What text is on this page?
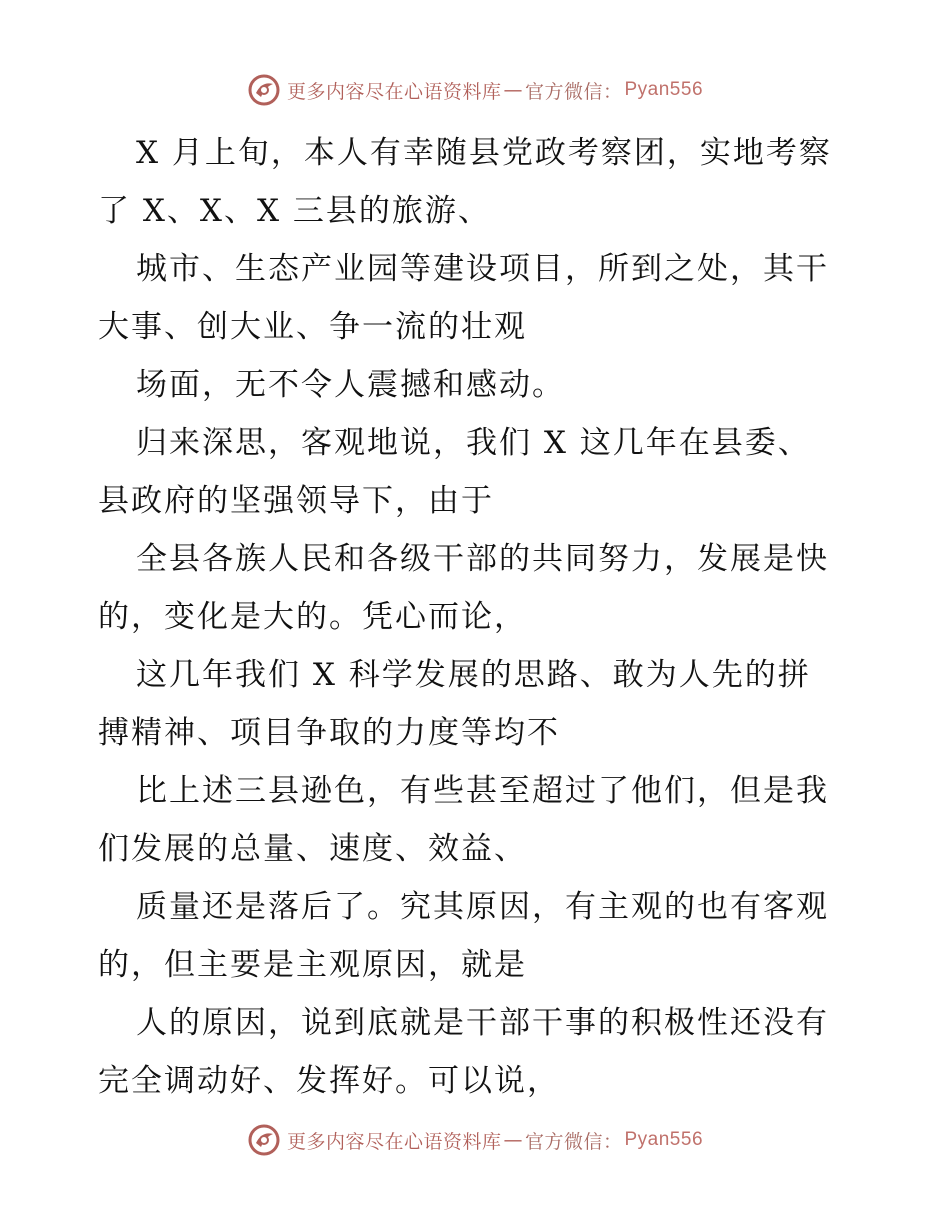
更多内容尽在心语资料库 — 官方微信： Pyan556

X 月上旬，本人有幸随县党政考察团，实地考察

了 X、X、X 三县的旅游、

城市、生态产业园等建设项目，所到之处，其干

大事、创大业、争一流的壮观

场面，无不令人震撼和感动。

归来深思，客观地说，我们 X 这几年在县委、

县政府的坚强领导下，由于

全县各族人民和各级干部的共同努力，发展是快

的，变化是大的。凭心而论，

这几年我们 X 科学发展的思路、敢为人先的拼

搏精神、项目争取的力度等均不

比上述三县逊色，有些甚至超过了他们，但是我

们发展的总量、速度、效益、

质量还是落后了。究其原因，有主观的也有客观

的，但主要是主观原因，就是

人的原因，说到底就是干部干事的积极性还没有

完全调动好、发挥好。可以说，

更多内容尽在心语资料库 — 官方微信： Pyan556
